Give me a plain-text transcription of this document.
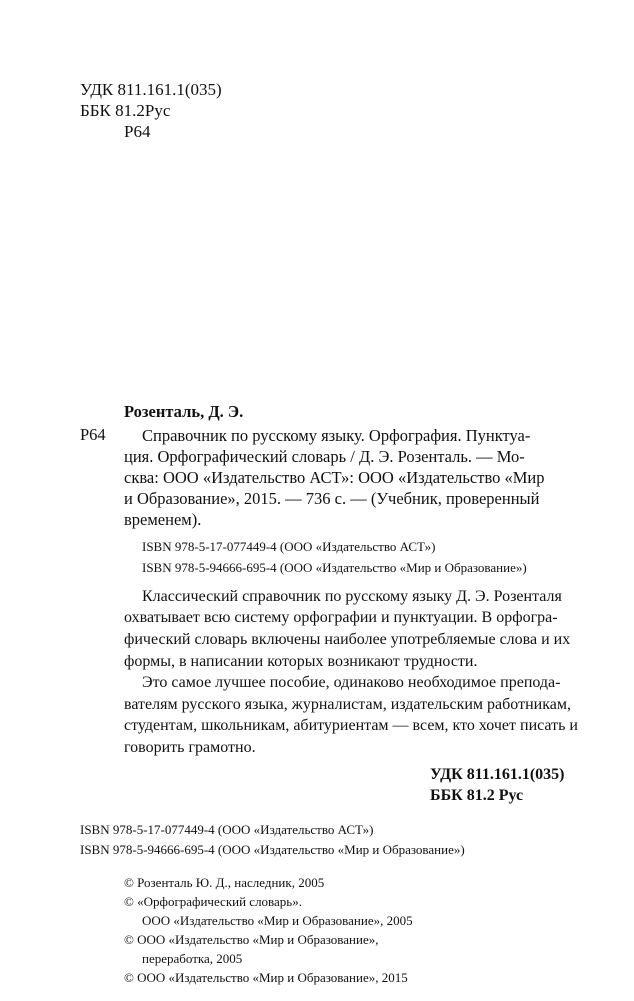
УДК 811.161.1(035)
ББК 81.2Рус
Р64
Розенталь, Д. Э.
Р64 Справочник по русскому языку. Орфография. Пунктуа-
ция. Орфографический словарь / Д. Э. Розенталь. — Мо-
сква: ООО «Издательство АСТ»: ООО «Издательство «Мир
и Образование», 2015. — 736 с. — (Учебник, проверенный
временем).
ISBN 978-5-17-077449-4 (ООО «Издательство АСТ»)
ISBN 978-5-94666-695-4 (ООО «Издательство «Мир и Образование»)
Классический справочник по русскому языку Д. Э. Розенталя
охватывает всю систему орфографии и пунктуации. В орфогра-
фический словарь включены наиболее употребляемые слова и их
формы, в написании которых возникают трудности.
Это самое лучшее пособие, одинаково необходимое препода-
вателям русского языка, журналистам, издательским работникам,
студентам, школьникам, абитуриентам — всем, кто хочет писать и
говорить грамотно.
УДК 811.161.1(035)
ББК 81.2 Рус
ISBN 978-5-17-077449-4 (ООО «Издательство АСТ»)
ISBN 978-5-94666-695-4 (ООО «Издательство «Мир и Образование»)
© Розенталь Ю. Д., наследник, 2005
© «Орфографический словарь».
ООО «Издательство «Мир и Образование», 2005
© ООО «Издательство «Мир и Образование»,
переработка, 2005
© ООО «Издательство «Мир и Образование», 2015
